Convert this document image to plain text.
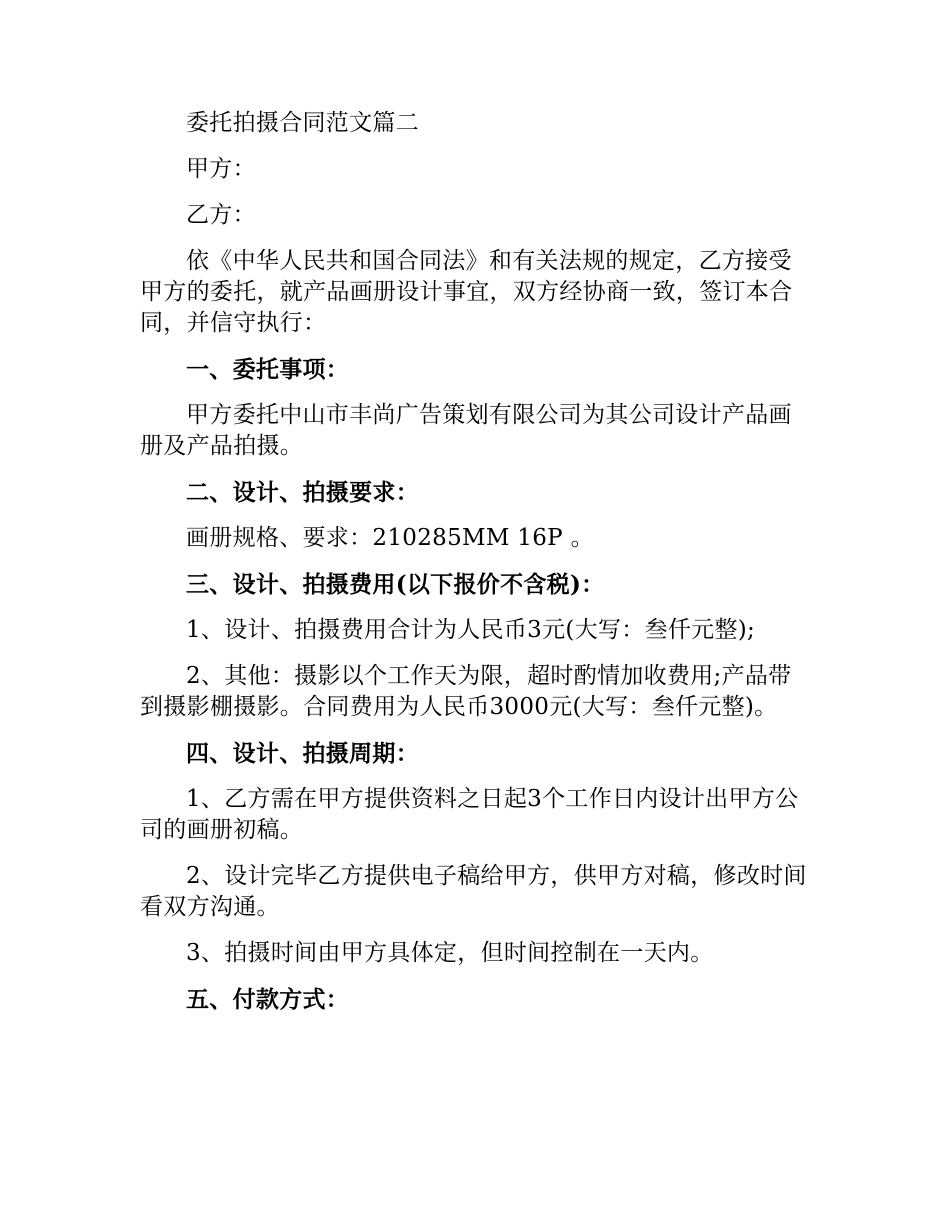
委托拍摄合同范文篇二

甲方：

乙方：

依《中华人民共和国合同法》和有关法规的规定，乙方接受甲方的委托，就产品画册设计事宜，双方经协商一致，签订本合同，并信守执行：

一、委托事项：

甲方委托中山市丰尚广告策划有限公司为其公司设计产品画册及产品拍摄。

二、设计、拍摄要求：

画册规格、要求：210285MM 16P 。

三、设计、拍摄费用(以下报价不含税)：

1、设计、拍摄费用合计为人民币3元(大写：叁仟元整);

2、其他：摄影以个工作天为限，超时酌情加收费用;产品带到摄影棚摄影。合同费用为人民币3000元(大写：叁仟元整)。

四、设计、拍摄周期：

1、乙方需在甲方提供资料之日起3个工作日内设计出甲方公司的画册初稿。

2、设计完毕乙方提供电子稿给甲方，供甲方对稿，修改时间看双方沟通。

3、拍摄时间由甲方具体定，但时间控制在一天内。

五、付款方式：
